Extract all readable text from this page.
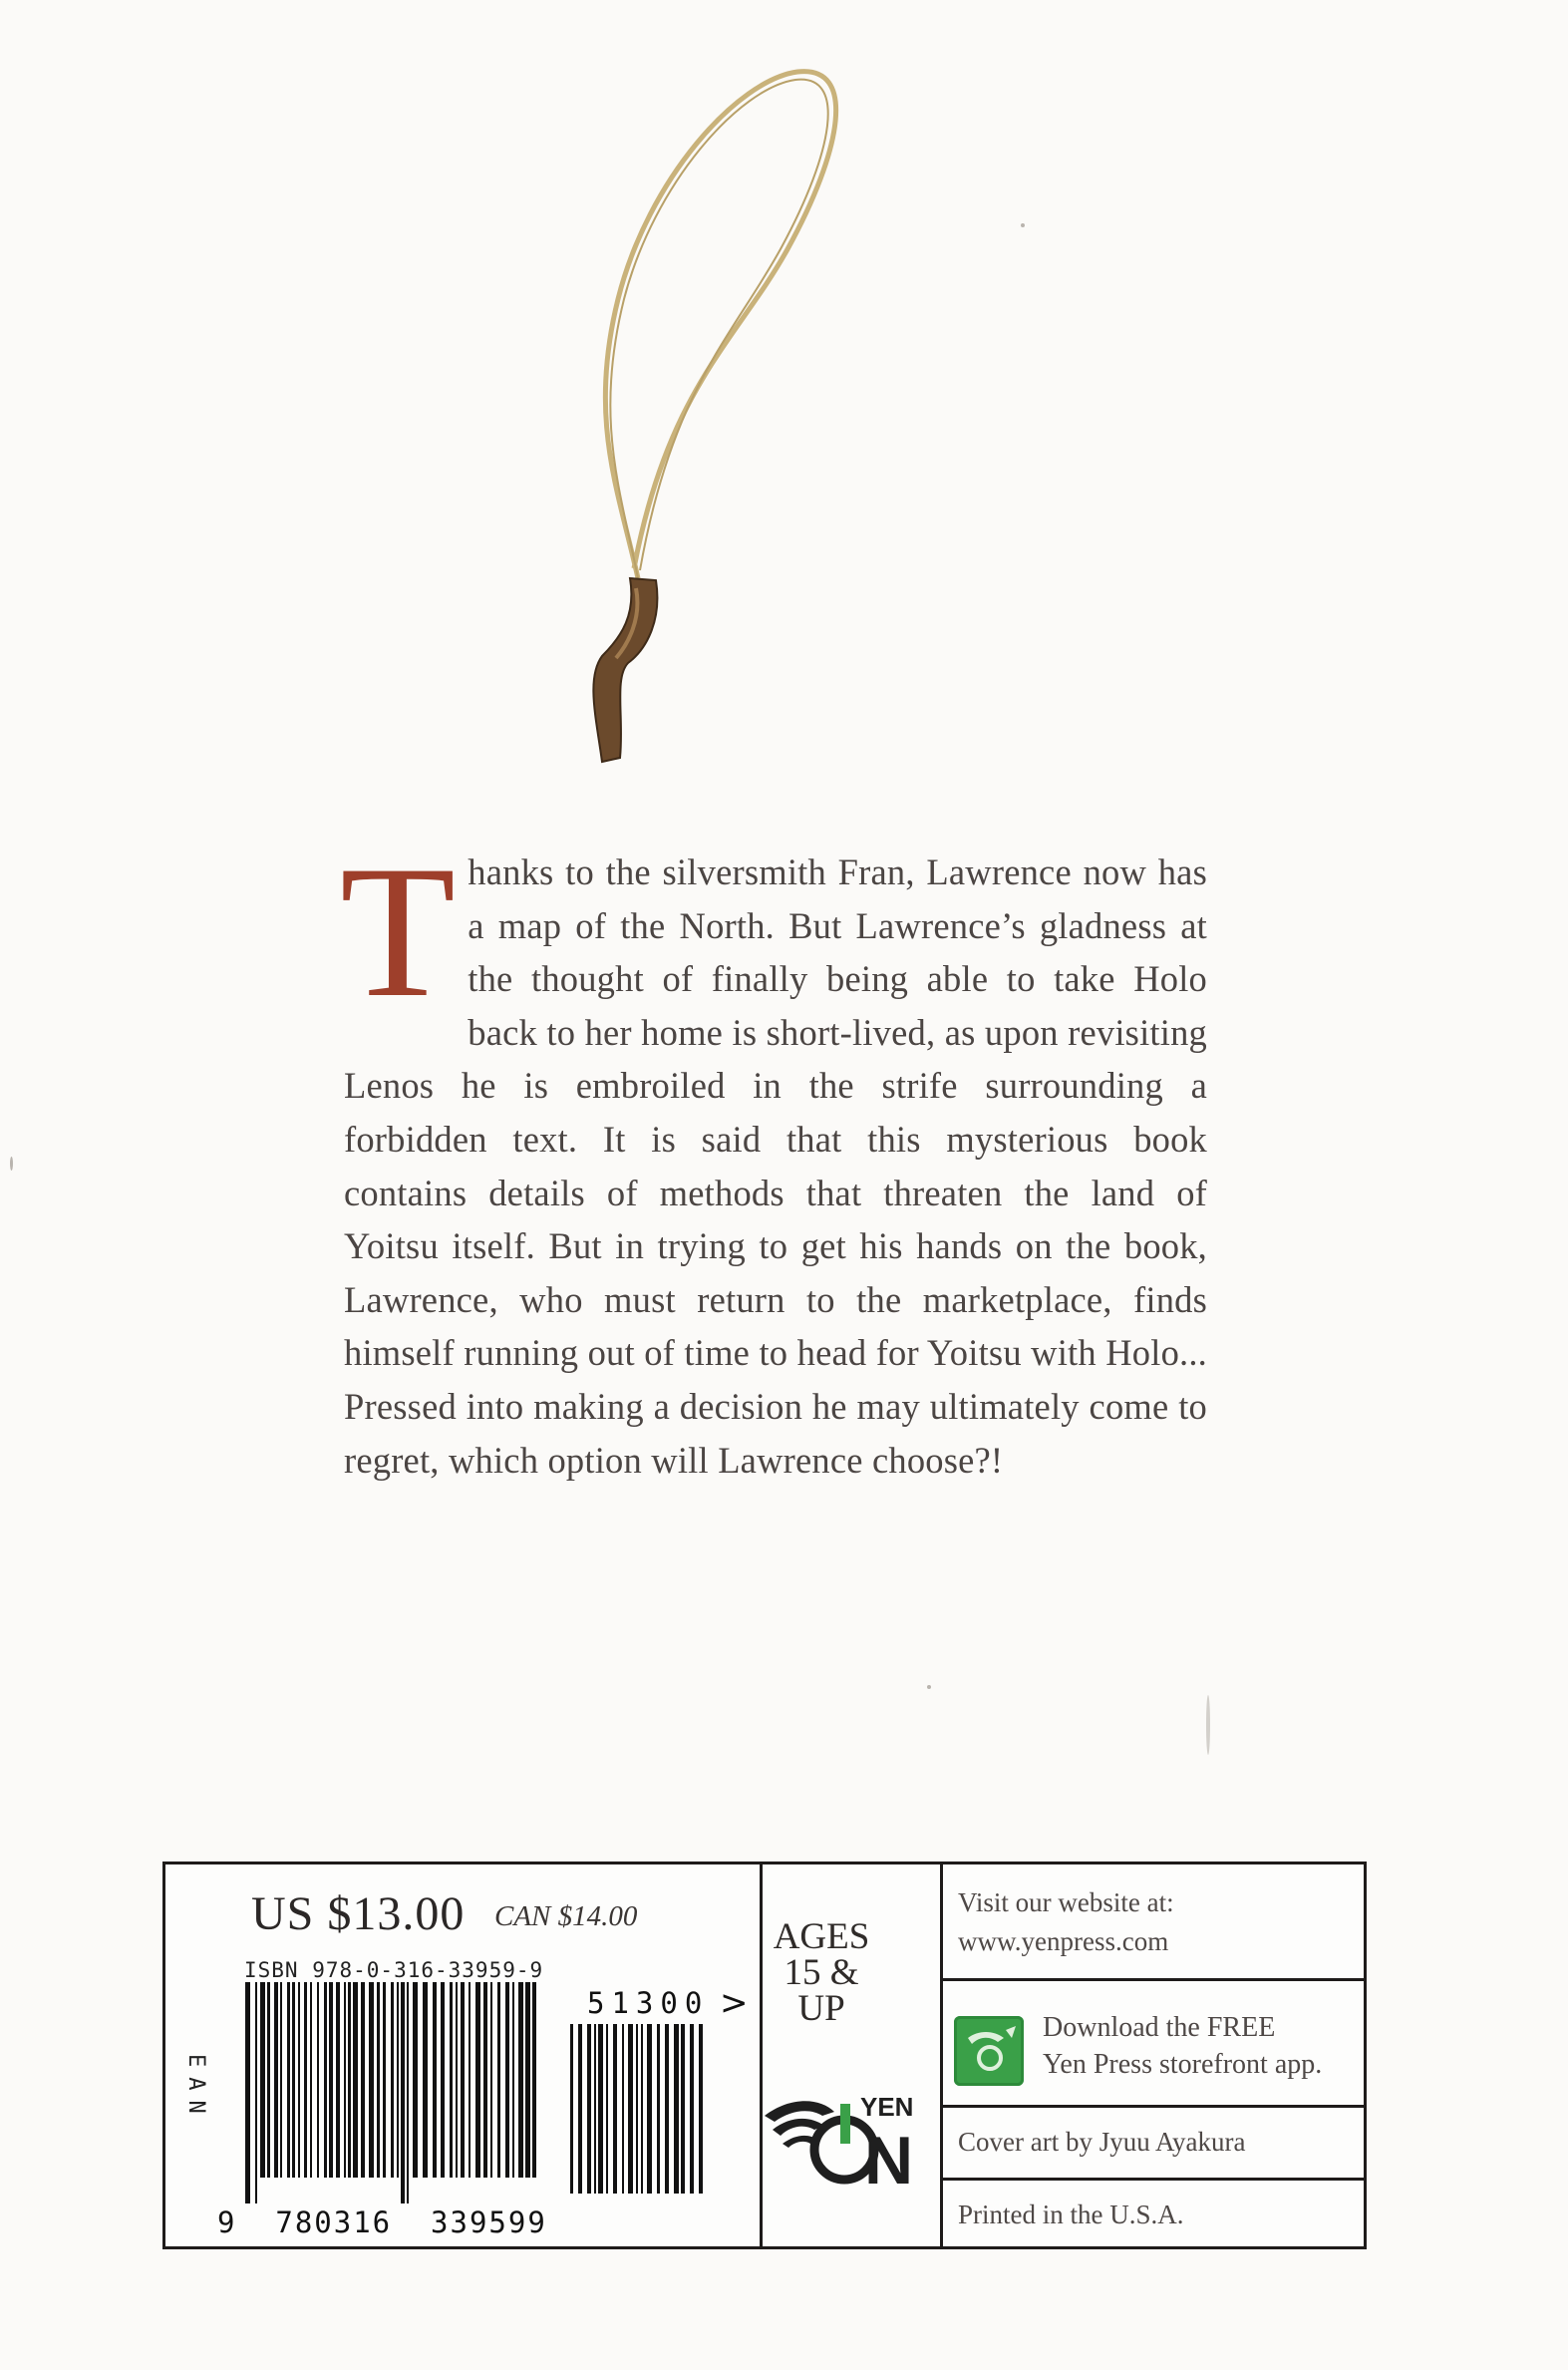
T hanks to the silversmith Fran, Lawrence now has a map of the North. But Lawrence’s gladness at the thought of finally being able to take Holo back to her home is short-lived, as upon revisiting Lenos he is embroiled in the strife surrounding a forbidden text. It is said that this mysterious book contains details of methods that threaten the land of Yoitsu itself. But in trying to get his hands on the book, Lawrence, who must return to the marketplace, finds himself running out of time to head for Yoitsu with Holo... Pressed into making a decision he may ultimately come to regret, which option will Lawrence choose?!
US $13.00 CAN $14.00
ISBN 978-0-316-33959-9
EAN
9  780316  339599
51300 >
AGES
15 & UP
YEN
N
Visit our website at:
www.yenpress.com
Download the FREE
Yen Press storefront app.
Cover art by Jyuu Ayakura
Printed in the U.S.A.
